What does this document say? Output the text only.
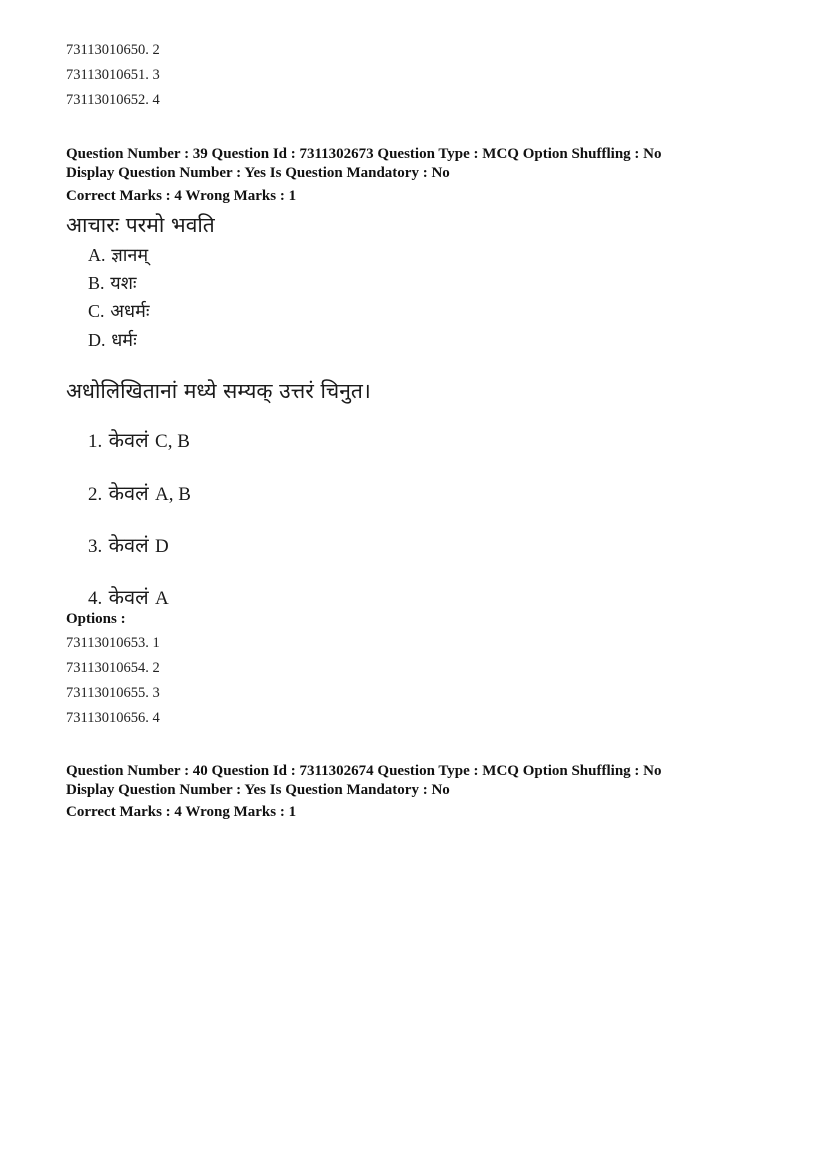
73113010650. 2
73113010651. 3
73113010652. 4
Question Number : 39 Question Id : 7311302673 Question Type : MCQ Option Shuffling : No
Display Question Number : Yes Is Question Mandatory : No
Correct Marks : 4 Wrong Marks : 1
आचारः परमो भवति
A. ज्ञानम्
B. यशः
C. अधर्मः
D. धर्मः
अधोलिखितानां मध्ये सम्यक् उत्तरं चिनुत।
1. केवलं C, B
2. केवलं A, B
3. केवलं D
4. केवलं A
Options :
73113010653. 1
73113010654. 2
73113010655. 3
73113010656. 4
Question Number : 40 Question Id : 7311302674 Question Type : MCQ Option Shuffling : No
Display Question Number : Yes Is Question Mandatory : No
Correct Marks : 4 Wrong Marks : 1
